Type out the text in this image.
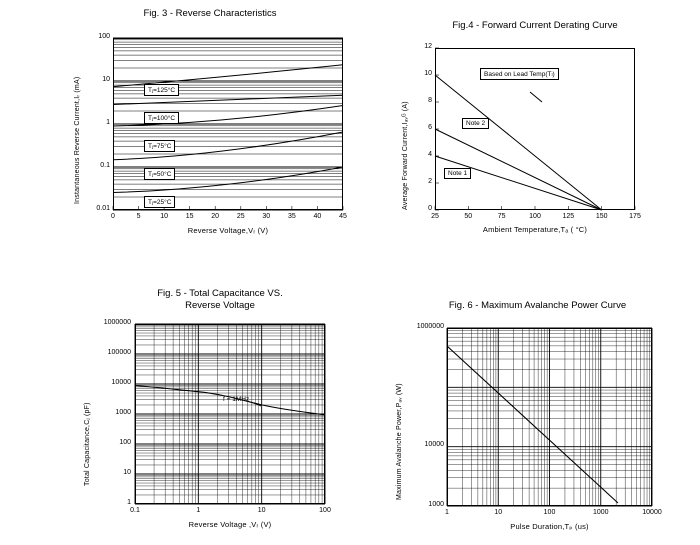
Fig. 3 - Reverse Characteristics
100
10
1
0.1
0.01
0	5	10	15	20	25	30	35	40	45
Reverse Voltage,Vᵣ (V)
Instantaneous Reverse Current,Iᵣ (mA)	Tⱼ=125°C
Tⱼ=100°C
Tⱼ=75°C
Tⱼ=50°C
Tⱼ=25°C
Fig.4 - Forward Current Derating Curve
12
10
8
6
4
2
0
25	50	75	100	125	150	175
Ambient Temperature,Tₐ ( °C)
Average Forward Current,Iₐᵥᴳ (A)
Based on Lead Temp(Tₗ)
Note 2
Note 1
Fig. 5 - Total Capacitance VS.
Reverse Voltage
1000000
100000
10000
1000
100
10
1
0.1	1	10	100
Reverse Voltage ,Vᵣ (V)
Total Capacitance,Cⱼ (pF)
f = 1MHz
Fig. 6 - Maximum Avalanche Power Curve
1000000
10000
1000
1	10	100	1000	10000
Pulse Duration,Tₚ (us)
Maximum Avalanche Power,Pₐᵥ (W)
